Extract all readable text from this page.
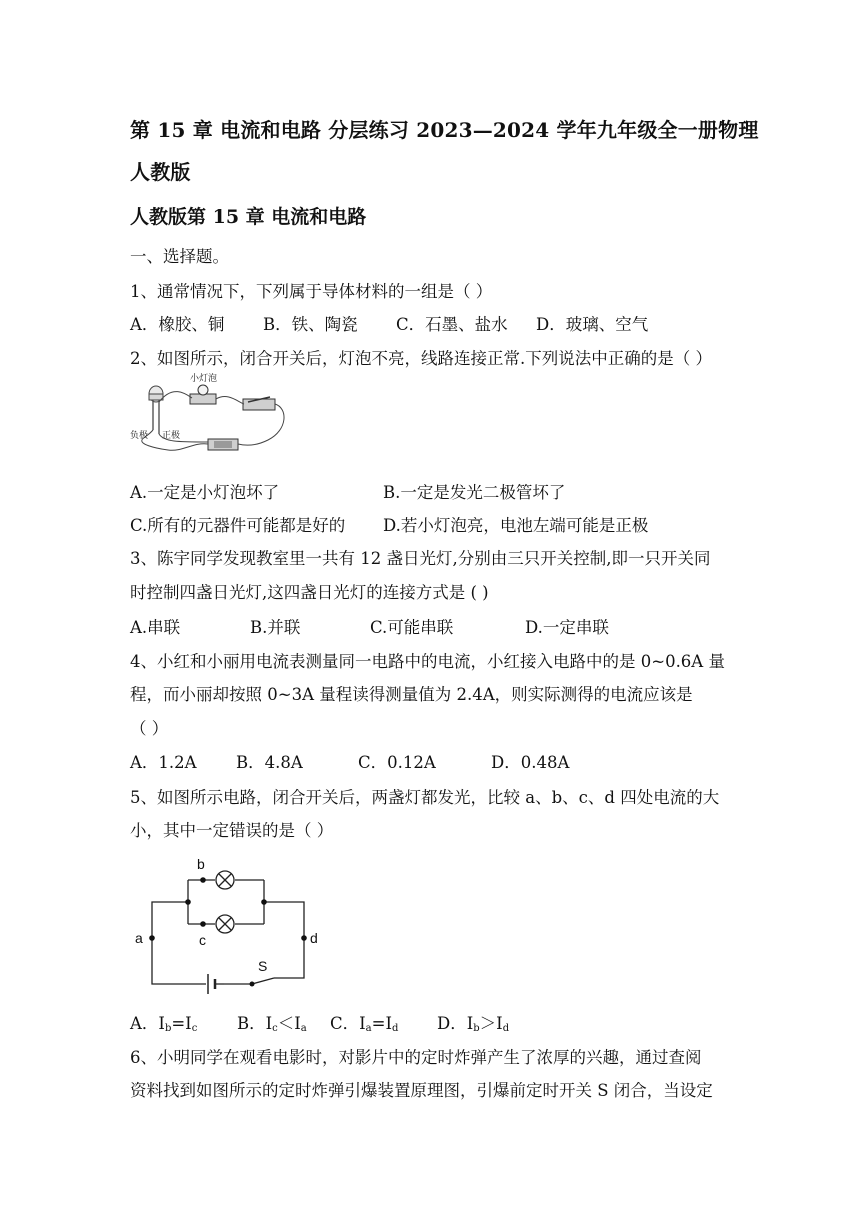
第 15 章 电流和电路 分层练习 2023—2024 学年九年级全一册物理
人教版
人教版第 15 章 电流和电路
一、选择题。
1、通常情况下，下列属于导体材料的一组是（ ）
A．橡胶、铜 B．铁、陶瓷 C．石墨、盐水 D．玻璃、空气
2、如图所示，闭合开关后，灯泡不亮，线路连接正常.下列说法中正确的是（ ）
小灯泡
负极 正极
A.一定是小灯泡坏了	B.一定是发光二极管坏了
C.所有的元器件可能都是好的 D.若小灯泡亮，电池左端可能是正极
3、陈宇同学发现教室里一共有 12 盏日光灯,分别由三只开关控制,即一只开关同
时控制四盏日光灯,这四盏日光灯的连接方式是 ( )
A.串联	B.并联	C.可能串联	D.一定串联
4、小红和小丽用电流表测量同一电路中的电流，小红接入电路中的是 0~0.6A 量
程，而小丽却按照 0~3A 量程读得测量值为 2.4A，则实际测得的电流应该是
（ ）
A．1.2A B．4.8A	C．0.12A	D．0.48A
5、如图所示电路，闭合开关后，两盏灯都发光，比较 a、b、c、d 四处电流的大
小，其中一定错误的是（ ）
a
b
c	d
S
A．$I_b=I_c$ B．$I_c<I_a$ C．$I_a=I_d$ D．$I_b>I_d$
6、小明同学在观看电影时，对影片中的定时炸弹产生了浓厚的兴趣，通过查阅
资料找到如图所示的定时炸弹引爆装置原理图，引爆前定时开关 S 闭合，当设定
